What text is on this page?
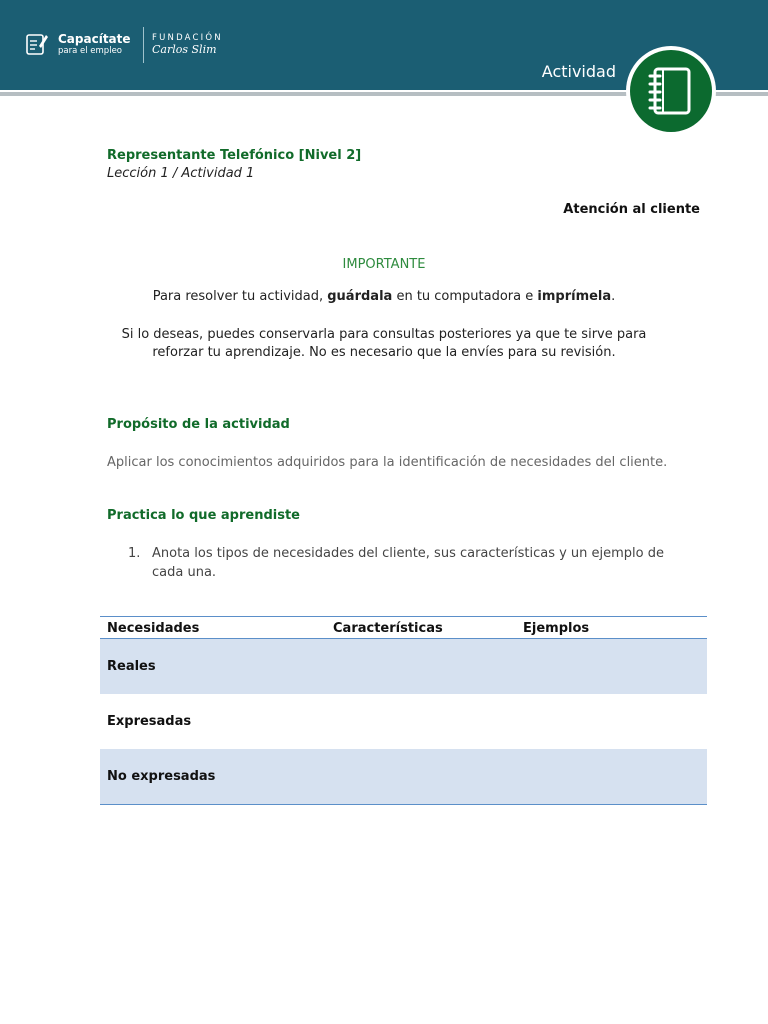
Capacítate
para el empleo
FUNDACIÓN
Carlos Slim
Actividad
Representante Telefónico [Nivel 2]
Lección 1 / Actividad 1
Atención al cliente
IMPORTANTE
Para resolver tu actividad, guárdala en tu computadora e imprímela.
Si lo deseas, puedes conservarla para consultas posteriores ya que te sirve para reforzar tu aprendizaje. No es necesario que la envíes para su revisión.
Propósito de la actividad
Aplicar los conocimientos adquiridos para la identificación de necesidades del cliente.
Practica lo que aprendiste
1. Anota los tipos de necesidades del cliente, sus características y un ejemplo de cada una.
Necesidades	Características	Ejemplos
Reales		
Expresadas		
No expresadas		
